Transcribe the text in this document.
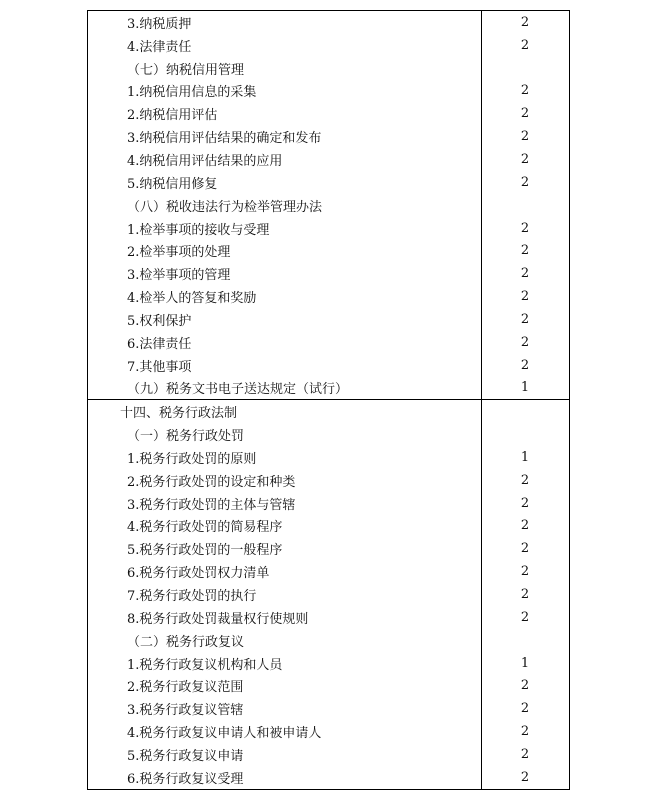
3.纳税质押	2
4.法律责任	2
（七）纳税信用管理
1.纳税信用信息的采集	2
2.纳税信用评估	2
3.纳税信用评估结果的确定和发布	2
4.纳税信用评估结果的应用	2
5.纳税信用修复	2
（八）税收违法行为检举管理办法
1.检举事项的接收与受理	2
2.检举事项的处理	2
3.检举事项的管理	2
4.检举人的答复和奖励	2
5.权利保护	2
6.法律责任	2
7.其他事项	2
（九）税务文书电子送达规定（试行）	1
十四、税务行政法制
（一）税务行政处罚
1.税务行政处罚的原则	1
2.税务行政处罚的设定和种类	2
3.税务行政处罚的主体与管辖	2
4.税务行政处罚的简易程序	2
5.税务行政处罚的一般程序	2
6.税务行政处罚权力清单	2
7.税务行政处罚的执行	2
8.税务行政处罚裁量权行使规则	2
（二）税务行政复议
1.税务行政复议机构和人员	1
2.税务行政复议范围	2
3.税务行政复议管辖	2
4.税务行政复议申请人和被申请人	2
5.税务行政复议申请	2
6.税务行政复议受理	2
